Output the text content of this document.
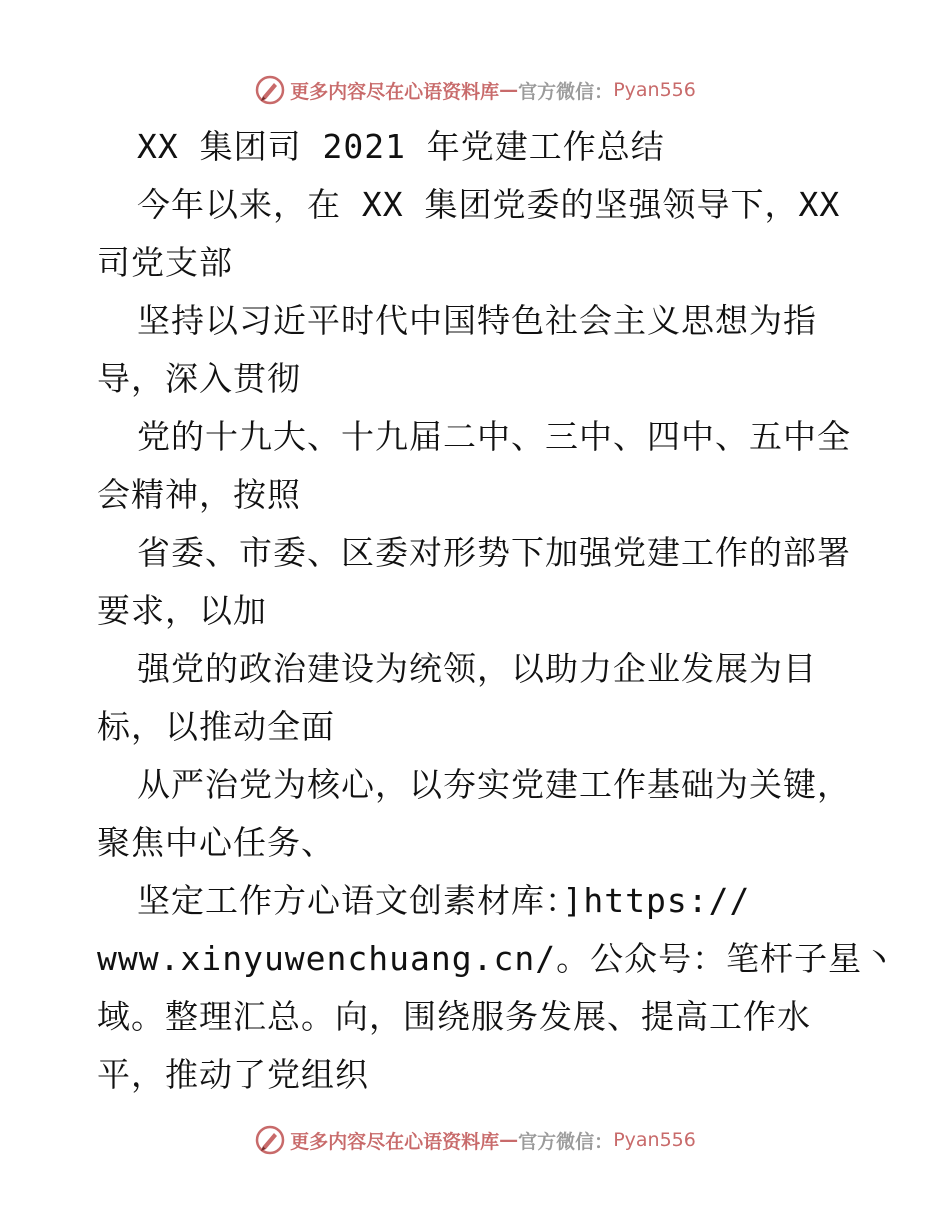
更多内容尽在心语资料库 — 官方微信： Pyan556
XX 集团司 2021 年党建工作总结
今年以来，在 XX 集团党委的坚强领导下，XX
司党支部
坚持以习近平时代中国特色社会主义思想为指
导，深入贯彻
党的十九大、十九届二中、三中、四中、五中全
会精神，按照
省委、市委、区委对形势下加强党建工作的部署
要求，以加
强党的政治建设为统领，以助力企业发展为目
标，以推动全面
从严治党为核心，以夯实党建工作基础为关键，
聚焦中心任务、
坚定工作方心语文创素材库：]https://
www.xinyuwenchuang.cn/。公众号：笔杆子星丶
域。整理汇总。向，围绕服务发展、提高工作水
平，推动了党组织
更多内容尽在心语资料库 — 官方微信： Pyan556
